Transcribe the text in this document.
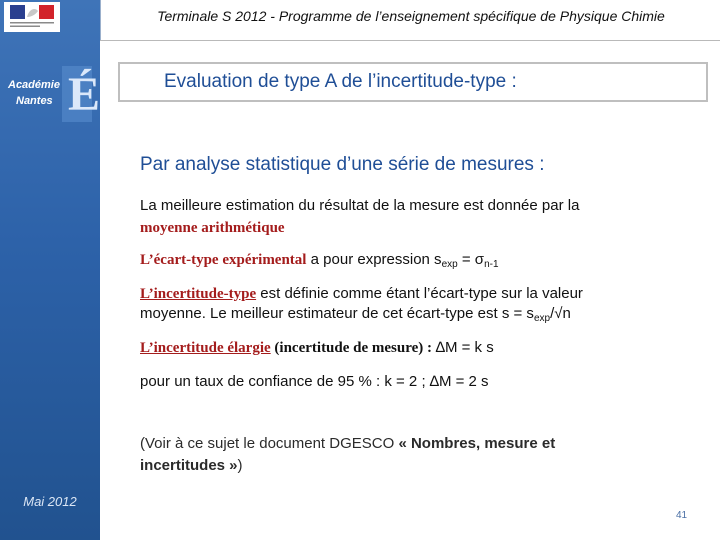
É
Académie
Nantes
Mai 2012
Terminale S 2012 - Programme de l’enseignement spécifique de Physique Chimie
Evaluation de type A de l’incertitude-type :
Par analyse statistique d’une série de mesures :
La meilleure estimation du résultat de la mesure est donnée par la
moyenne arithmétique
L’écart-type expérimental a pour expression $s_{exp} = \sigma_{n-1}$
L’incertitude-type est définie comme étant l’écart-type sur la valeur
moyenne. Le meilleur estimateur de cet écart-type est $s = s_{exp}/√n$
L’incertitude élargie (incertitude de mesure) : ∆M = k s
pour un taux de confiance de 95 % : k = 2 ; ∆M = 2 s
(Voir à ce sujet le document DGESCO « Nombres, mesure et
incertitudes »)
41
